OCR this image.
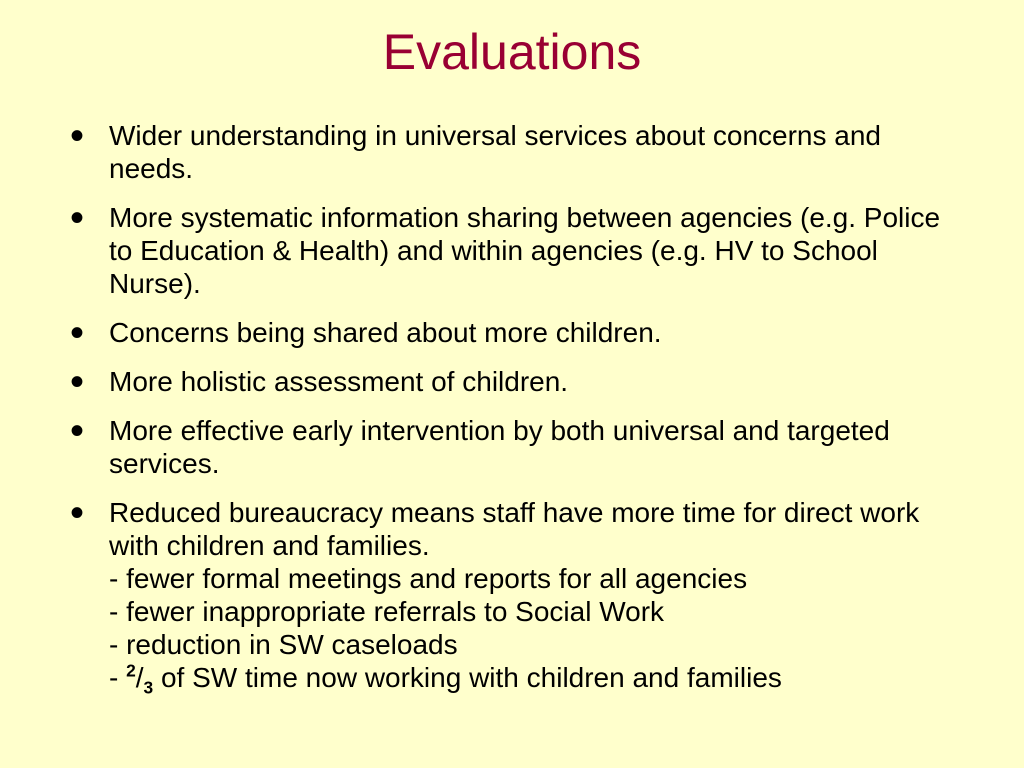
Evaluations
• Wider understanding in universal services about concerns and needs.
• More systematic information sharing between agencies (e.g. Police to Education & Health) and within agencies (e.g. HV to School Nurse).
• Concerns being shared about more children.
• More holistic assessment of children.
• More effective early intervention by both universal and targeted services.
• Reduced bureaucracy means staff have more time for direct work with children and families.
- fewer formal meetings and reports for all agencies
- fewer inappropriate referrals to Social Work
- reduction in SW caseloads
- $^2/_3$ of SW time now working with children and families
